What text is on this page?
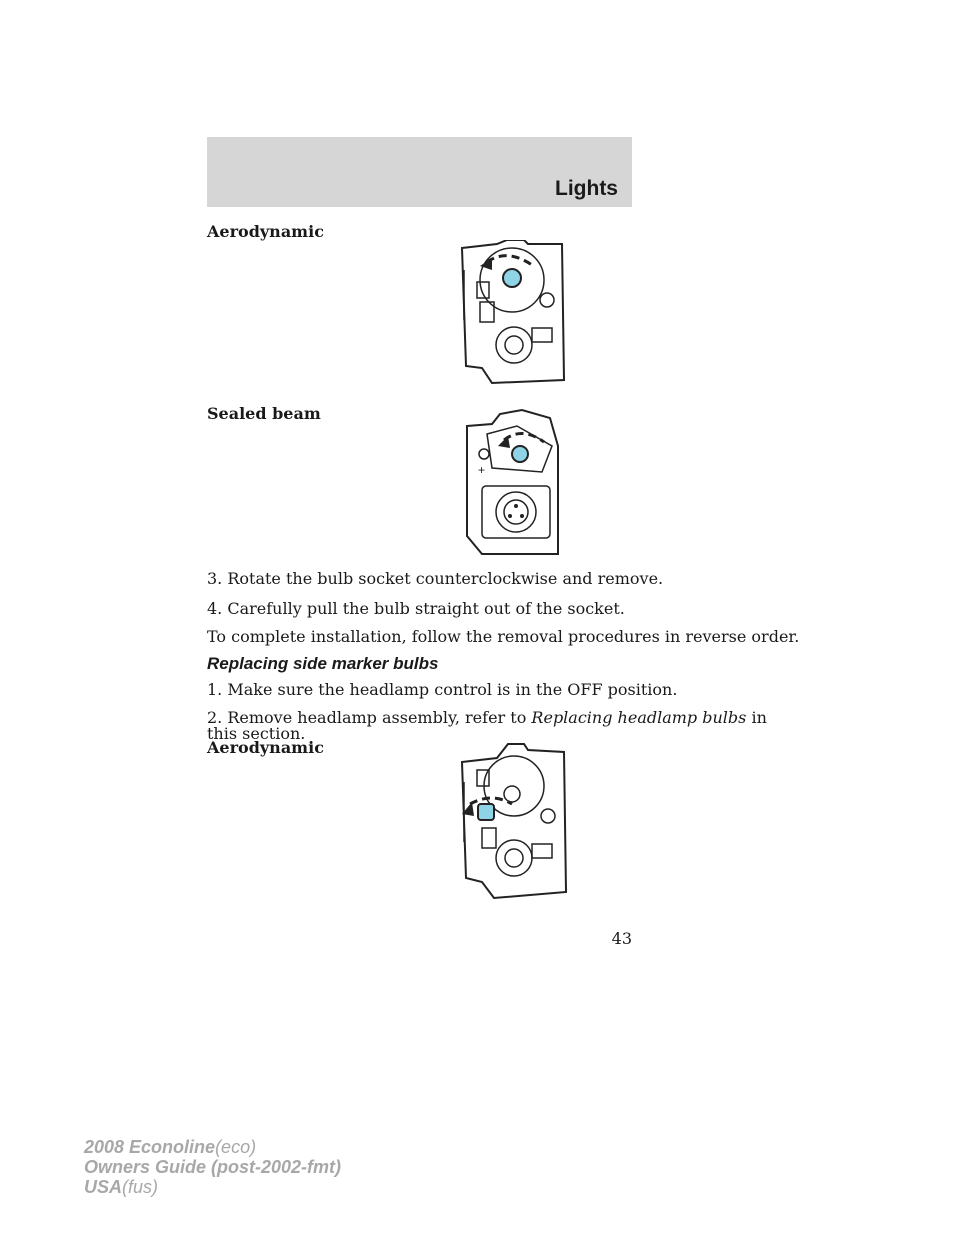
Lights
Aerodynamic
Sealed beam
+
3. Rotate the bulb socket counterclockwise and remove.
4. Carefully pull the bulb straight out of the socket.
To complete installation, follow the removal procedures in reverse order.
Replacing side marker bulbs
1. Make sure the headlamp control is in the OFF position.
2. Remove headlamp assembly, refer to Replacing headlamp bulbs in
this section.
Aerodynamic
43
2008 Econoline(eco)
Owners Guide (post-2002-fmt)
USA(fus)
